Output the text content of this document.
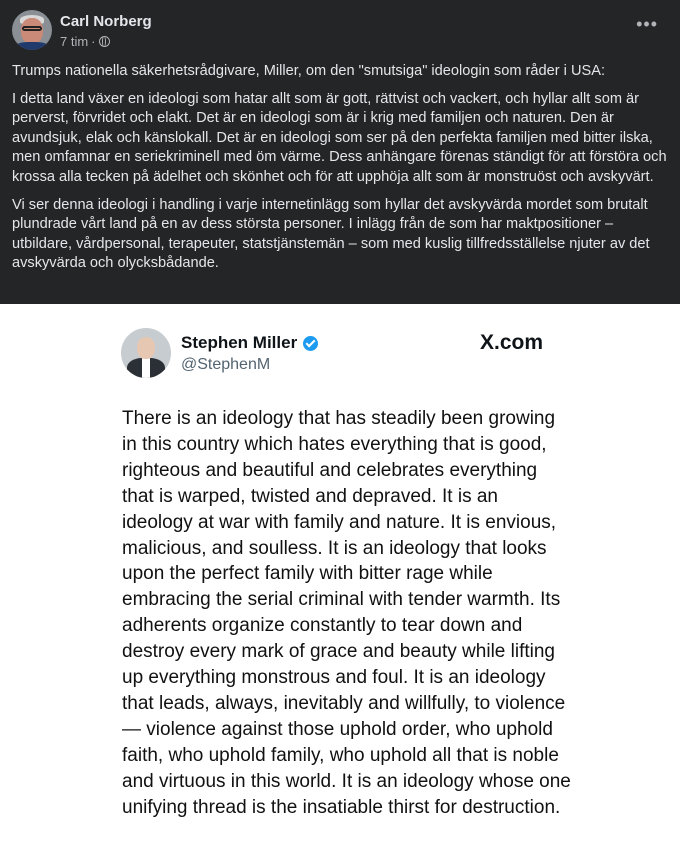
Carl Norberg
7 tim ·
•••

Trumps nationella säkerhetsrådgivare, Miller, om den "smutsiga" ideologin som råder i USA:

I detta land växer en ideologi som hatar allt som är gott, rättvist och vackert, och hyllar allt som är perverst, förvridet och elakt. Det är en ideologi som är i krig med familjen och naturen. Den är avundsjuk, elak och känslokall. Det är en ideologi som ser på den perfekta familjen med bitter ilska, men omfamnar en seriekriminell med öm värme. Dess anhängare förenas ständigt för att förstöra och krossa alla tecken på ädelhet och skönhet och för att upphöja allt som är monstruöst och avskyvärt.

Vi ser denna ideologi i handling i varje internetinlägg som hyllar det avskyvärda mordet som brutalt plundrade vårt land på en av dess största personer. I inlägg från de som har maktpositioner – utbildare, vårdpersonal, terapeuter, statstjänstemän – som med kuslig tillfredsställelse njuter av det avskyvärda och olycksbådande.

Stephen Miller
@StephenM
X.com
There is an ideology that has steadily been growing in this country which hates everything that is good, righteous and beautiful and celebrates everything that is warped, twisted and depraved. It is an ideology at war with family and nature. It is envious, malicious, and soulless. It is an ideology that looks upon the perfect family with bitter rage while embracing the serial criminal with tender warmth. Its adherents organize constantly to tear down and destroy every mark of grace and beauty while lifting up everything monstrous and foul. It is an ideology that leads, always, inevitably and willfully, to violence — violence against those uphold order, who uphold faith, who uphold family, who uphold all that is noble and virtuous in this world. It is an ideology whose one unifying thread is the insatiable thirst for destruction.
